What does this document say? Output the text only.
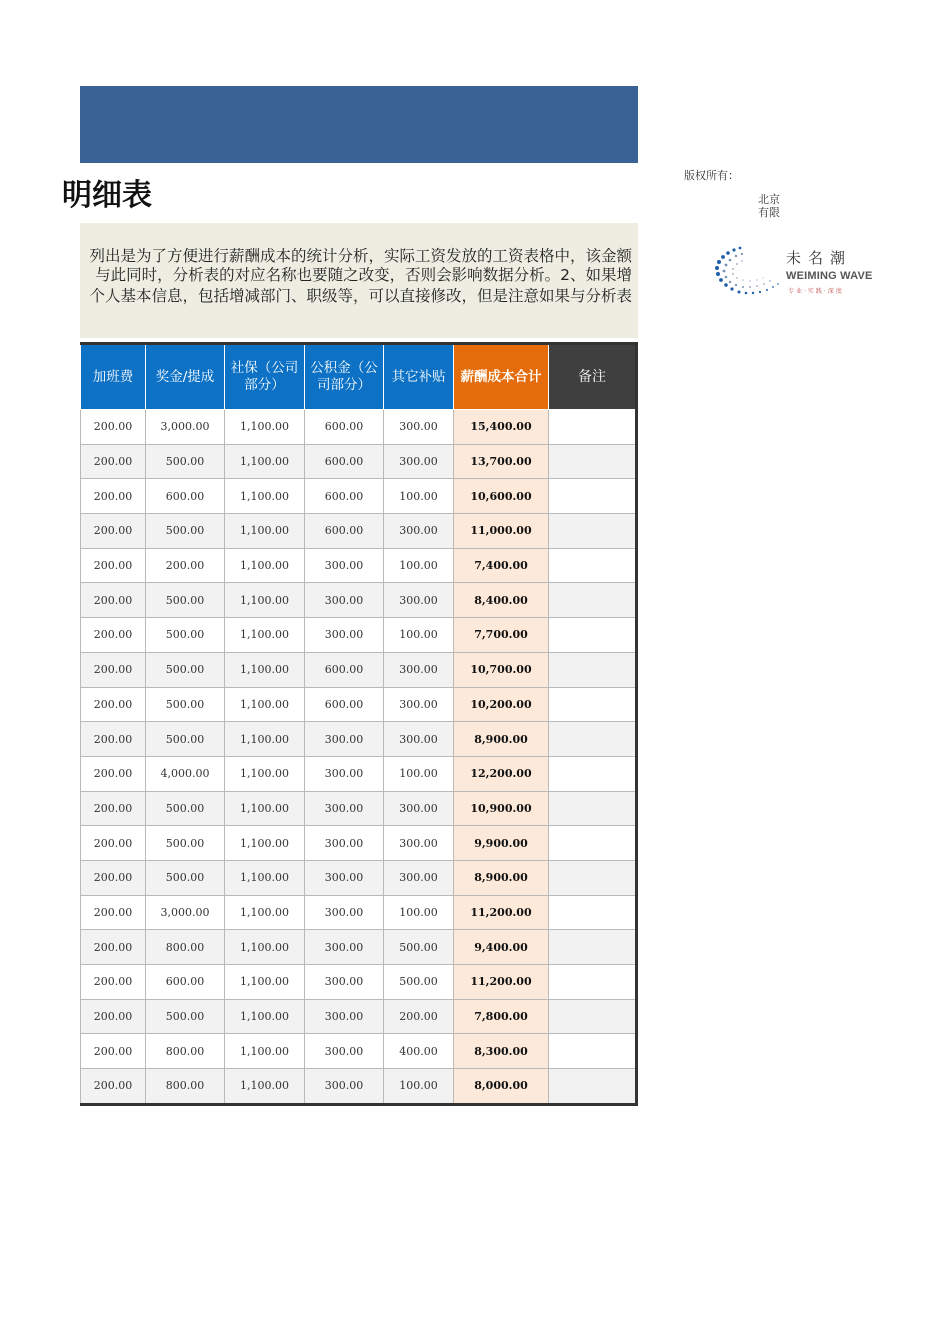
明细表
列出是为了方便进行薪酬成本的统计分析，实际工资发放的工资表格中，该金额
与此同时，分析表的对应名称也要随之改变，否则会影响数据分析。2、如果增
个人基本信息，包括增减部门、职级等，可以直接修改，但是注意如果与分析表
版权所有：
北京
有限
未名潮
WEIMING WAVE
专业·实践·深度
加班费	奖金/提成	社保（公司部分）	公积金（公司部分）	其它补贴	薪酬成本合计	备注
200.00	3,000.00	1,100.00	600.00	300.00	15,400.00	
200.00	500.00	1,100.00	600.00	300.00	13,700.00	
200.00	600.00	1,100.00	600.00	100.00	10,600.00	
200.00	500.00	1,100.00	600.00	300.00	11,000.00	
200.00	200.00	1,100.00	300.00	100.00	7,400.00	
200.00	500.00	1,100.00	300.00	300.00	8,400.00	
200.00	500.00	1,100.00	300.00	100.00	7,700.00	
200.00	500.00	1,100.00	600.00	300.00	10,700.00	
200.00	500.00	1,100.00	600.00	300.00	10,200.00	
200.00	500.00	1,100.00	300.00	300.00	8,900.00	
200.00	4,000.00	1,100.00	300.00	100.00	12,200.00	
200.00	500.00	1,100.00	300.00	300.00	10,900.00	
200.00	500.00	1,100.00	300.00	300.00	9,900.00	
200.00	500.00	1,100.00	300.00	300.00	8,900.00	
200.00	3,000.00	1,100.00	300.00	100.00	11,200.00	
200.00	800.00	1,100.00	300.00	500.00	9,400.00	
200.00	600.00	1,100.00	300.00	500.00	11,200.00	
200.00	500.00	1,100.00	300.00	200.00	7,800.00	
200.00	800.00	1,100.00	300.00	400.00	8,300.00	
200.00	800.00	1,100.00	300.00	100.00	8,000.00	
